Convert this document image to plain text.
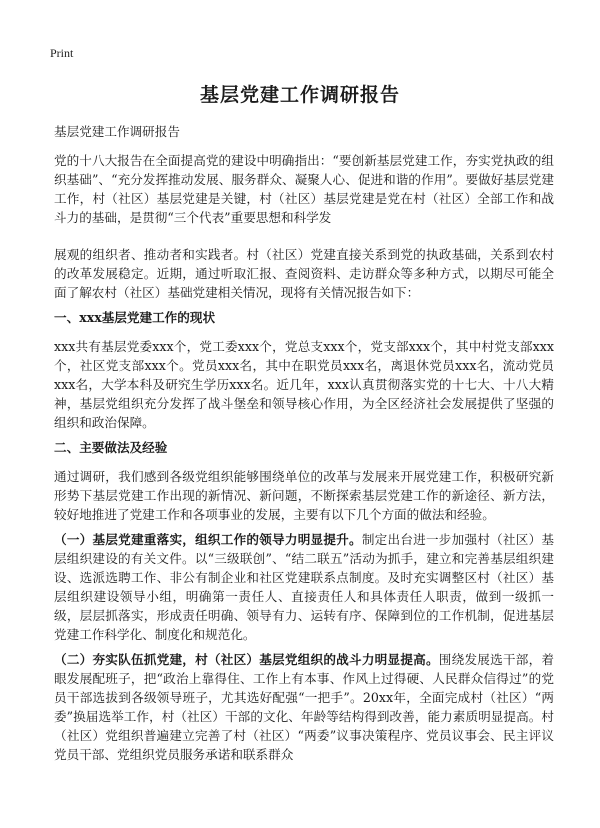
Print
基层党建工作调研报告

基层党建工作调研报告

党的十八大报告在全面提高党的建设中明确指出：“要创新基层党建工作，夯实党执政的组织基础”、“充分发挥推动发展、服务群众、凝聚人心、促进和谐的作用”。要做好基层党建工作，村（社区）基层党建是关键，村（社区）基层党建是党在村（社区）全部工作和战斗力的基础，是贯彻“三个代表”重要思想和科学发

展观的组织者、推动者和实践者。村（社区）党建直接关系到党的执政基础，关系到农村的改革发展稳定。近期，通过听取汇报、查阅资料、走访群众等多种方式，以期尽可能全面了解农村（社区）基础党建相关情况，现将有关情况报告如下：

一、xxx基层党建工作的现状

xxx共有基层党委xxx个，党工委xxx个，党总支xxx个，党支部xxx个，其中村党支部xxx个，社区党支部xxx个。党员xxx名，其中在职党员xxx名，离退休党员xxx名，流动党员xxx名，大学本科及研究生学历xxx名。近几年，xxx认真贯彻落实党的十七大、十八大精神，基层党组织充分发挥了战斗堡垒和领导核心作用，为全区经济社会发展提供了坚强的组织和政治保障。

二、主要做法及经验

通过调研，我们感到各级党组织能够围绕单位的改革与发展来开展党建工作，积极研究新形势下基层党建工作出现的新情况、新问题，不断探索基层党建工作的新途径、新方法，较好地推进了党建工作和各项事业的发展，主要有以下几个方面的做法和经验。

（一）基层党建重落实，组织工作的领导力明显提升。制定出台进一步加强村（社区）基层组织建设的有关文件。以“三级联创”、“结二联五”活动为抓手，建立和完善基层组织建设、选派选聘工作、非公有制企业和社区党建联系点制度。及时充实调整区村（社区）基层组织建设领导小组，明确第一责任人、直接责任人和具体责任人职责，做到一级抓一级，层层抓落实，形成责任明确、领导有力、运转有序、保障到位的工作机制，促进基层党建工作科学化、制度化和规范化。

（二）夯实队伍抓党建，村（社区）基层党组织的战斗力明显提高。围绕发展选干部，着眼发展配班子，把“政治上靠得住、工作上有本事、作风上过得硬、人民群众信得过”的党员干部选拔到各级领导班子，尤其选好配强“一把手”。20xx年，全面完成村（社区）“两委”换届选举工作，村（社区）干部的文化、年龄等结构得到改善，能力素质明显提高。村（社区）党组织普遍建立完善了村（社区）“两委”议事决策程序、党员议事会、民主评议党员干部、党组织党员服务承诺和联系群众
